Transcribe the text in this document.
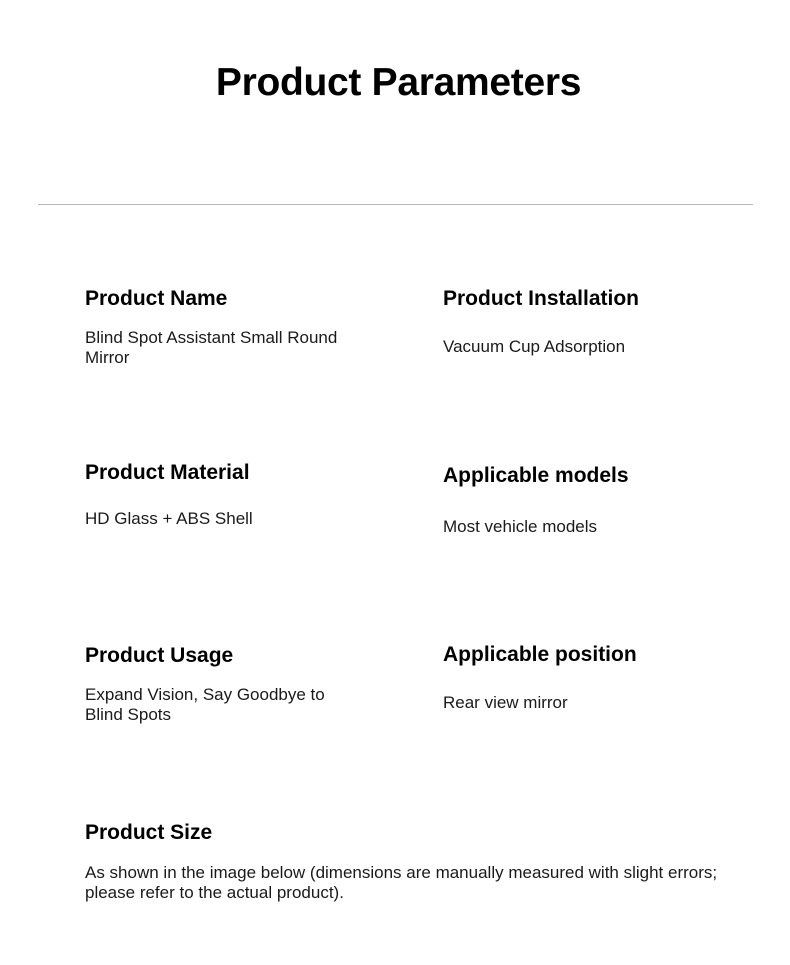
Product Parameters
Product Name
Blind Spot Assistant Small Round Mirror
Product Installation
Vacuum Cup Adsorption
Product Material
HD Glass + ABS Shell
Applicable models
Most vehicle models
Product Usage
Expand Vision, Say Goodbye to Blind Spots
Applicable position
Rear view mirror
Product Size
As shown in the image below (dimensions are manually measured with slight errors; please refer to the actual product).
